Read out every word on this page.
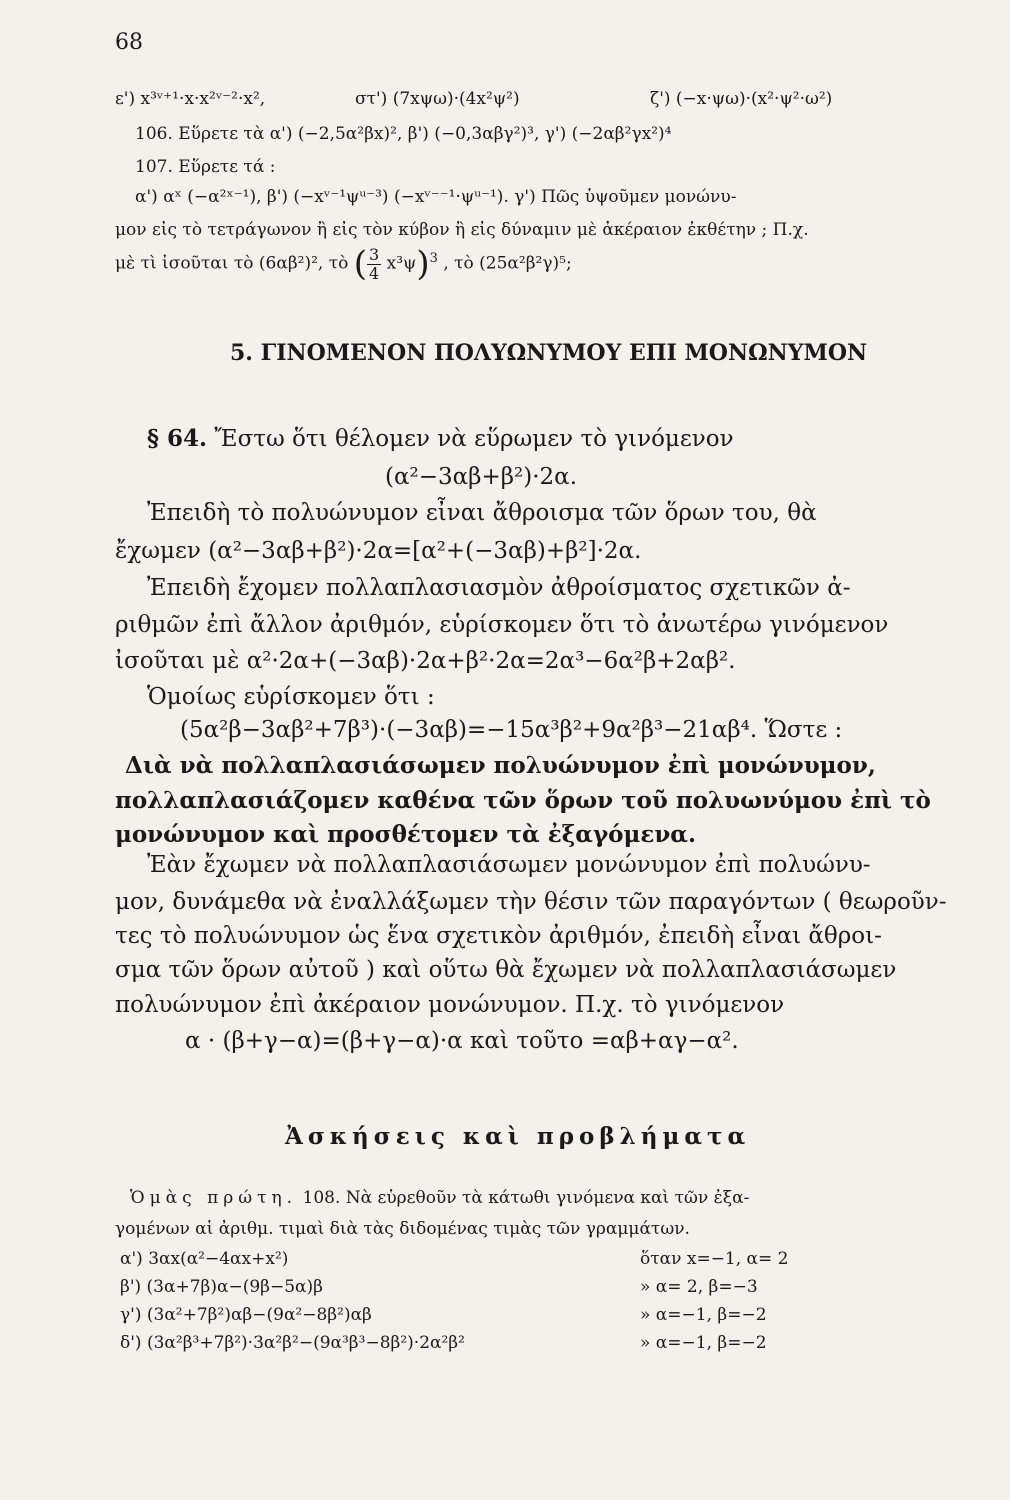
68
ε') x³ᵛ⁺¹·x·x²ᵛ⁻²·x²,	στ') (7xψω)·(4x²ψ²)	ζ') (−x·ψω)·(x²·ψ²·ω²)
106. Εὕρετε τὰ α') (−2,5α²βx)², β') (−0,3αβγ²)³, γ') (−2αβ²γx²)⁴
107. Εὕρετε τά :
α') αˣ (−α²ˣ⁻¹), β') (−xᵛ⁻¹ψᵘ⁻³) (−xᵛ⁻⁻¹·ψᵘ⁻¹). γ') Πῶς ὑψοῦμεν μονώνυ-
μον εἰς τὸ τετράγωνον ἢ εἰς τὸν κύβον ἢ εἰς δύναμιν μὲ ἀκέραιον ἐκθέτην ; Π.χ.
μὲ τὶ ἰσοῦται τὸ (6αβ²)², τὸ ( $\frac{3}{4} x^3\psi)^3$ , τὸ (25α²β²γ)⁵;
5. ΓΙΝΟΜΕΝΟΝ ΠΟΛΥΩΝΥΜΟΥ ΕΠΙ ΜΟΝΩΝΥΜΟΝ
§ 64. Ἔστω ὅτι θέλομεν νὰ εὕρωμεν τὸ γινόμενον
(α²−3αβ+β²)·2α.
Ἐπειδὴ τὸ πολυώνυμον εἶναι ἄθροισμα τῶν ὅρων του, θὰ
ἔχωμεν (α²−3αβ+β²)·2α=[α²+(−3αβ)+β²]·2α.
Ἐπειδὴ ἔχομεν πολλαπλασιασμὸν ἀθροίσματος σχετικῶν ἀ-
ριθμῶν ἐπὶ ἄλλον ἀριθμόν, εὑρίσκομεν ὅτι τὸ ἀνωτέρω γινόμενον
ἰσοῦται μὲ α²·2α+(−3αβ)·2α+β²·2α=2α³−6α²β+2αβ².
Ὁμοίως εὑρίσκομεν ὅτι :
(5α²β−3αβ²+7β³)·(−3αβ)=−15α³β²+9α²β³−21αβ⁴. Ὥστε :
Διὰ νὰ πολλαπλασιάσωμεν πολυώνυμον ἐπὶ μονώνυμον,
πολλαπλασιάζομεν καθένα τῶν ὅρων τοῦ πολυωνύμου ἐπὶ τὸ
μονώνυμον καὶ προσθέτομεν τὰ ἐξαγόμενα.
Ἐὰν ἔχωμεν νὰ πολλαπλασιάσωμεν μονώνυμον ἐπὶ πολυώνυ-
μον, δυνάμεθα νὰ ἐναλλάξωμεν τὴν θέσιν τῶν παραγόντων ( θεωροῦν-
τες τὸ πολυώνυμον ὡς ἕνα σχετικὸν ἀριθμόν, ἐπειδὴ εἶναι ἄθροι-
σμα τῶν ὅρων αὐτοῦ ) καὶ οὕτω θὰ ἔχωμεν νὰ πολλαπλασιάσωμεν
πολυώνυμον ἐπὶ ἀκέραιον μονώνυμον. Π.χ. τὸ γινόμενον
α · (β+γ−α)=(β+γ−α)·α καὶ τοῦτο =αβ+αγ−α².
Ἀσκήσεις καὶ προβλήματα
Ὁμὰς πρώτη. 108. Νὰ εὑρεθοῦν τὰ κάτωθι γινόμενα καὶ τῶν ἐξα-
γομένων αἱ ἀριθμ. τιμαὶ διὰ τὰς διδομένας τιμὰς τῶν γραμμάτων.
α') 3αx(α²−4αx+x²)	ὅταν x=−1, α= 2
β') (3α+7β)α−(9β−5α)β	» α= 2, β=−3
γ') (3α²+7β²)αβ−(9α²−8β²)αβ	» α=−1, β=−2
δ') (3α²β³+7β²)·3α²β²−(9α³β³−8β²)·2α²β²	» α=−1, β=−2
